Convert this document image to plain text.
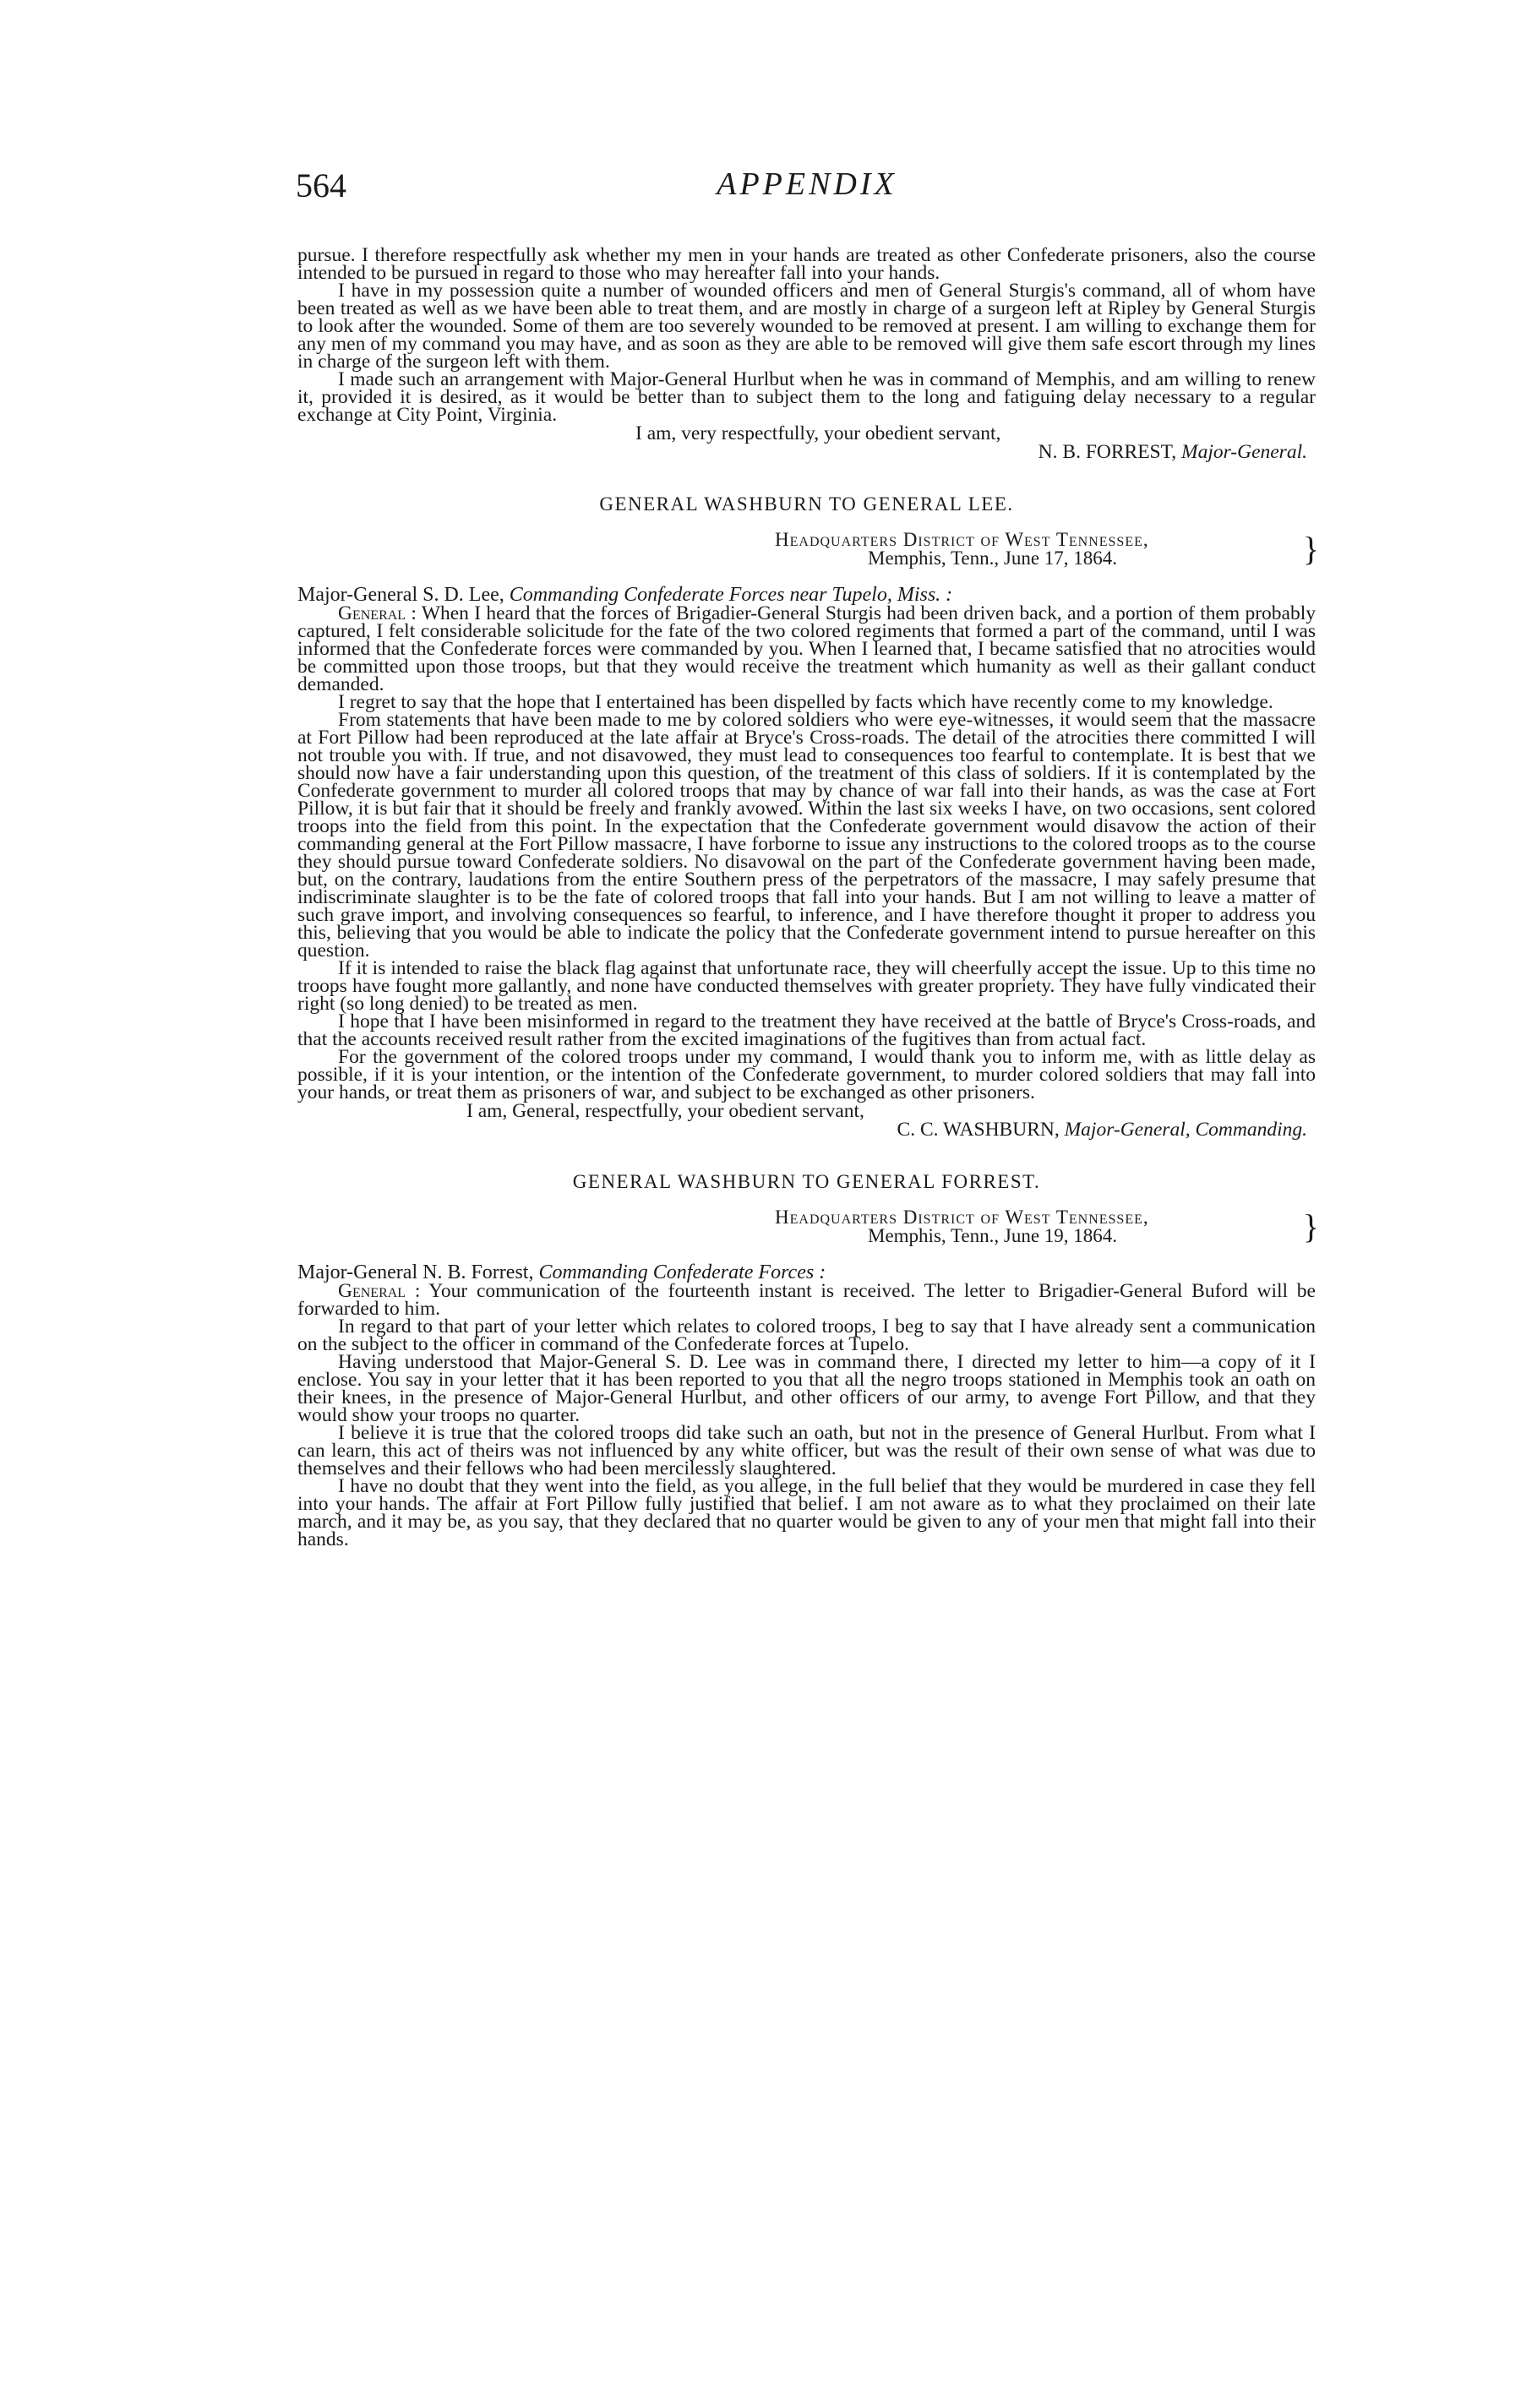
564	APPENDIX

pursue. I therefore respectfully ask whether my men in your hands are treated as other Confederate prisoners, also the course intended to be pursued in regard to those who may hereafter fall into your hands.

I have in my possession quite a number of wounded officers and men of General Sturgis's command, all of whom have been treated as well as we have been able to treat them, and are mostly in charge of a surgeon left at Ripley by General Sturgis to look after the wounded. Some of them are too severely wounded to be removed at present. I am willing to exchange them for any men of my command you may have, and as soon as they are able to be removed will give them safe escort through my lines in charge of the surgeon left with them.

I made such an arrangement with Major-General Hurlbut when he was in command of Memphis, and am willing to renew it, provided it is desired, as it would be better than to subject them to the long and fatiguing delay necessary to a regular exchange at City Point, Virginia.

I am, very respectfully, your obedient servant,

N. B. FORREST, Major-General.

GENERAL WASHBURN TO GENERAL LEE.
Headquarters District of West Tennessee,
Memphis, Tenn., June 17, 1864.	}

Major-General S. D. Lee, Commanding Confederate Forces near Tupelo, Miss. :

General : When I heard that the forces of Brigadier-General Sturgis had been driven back, and a portion of them probably captured, I felt considerable solicitude for the fate of the two colored regiments that formed a part of the command, until I was informed that the Confederate forces were commanded by you. When I learned that, I became satisfied that no atrocities would be committed upon those troops, but that they would receive the treatment which humanity as well as their gallant conduct demanded.

I regret to say that the hope that I entertained has been dispelled by facts which have recently come to my knowledge.

From statements that have been made to me by colored soldiers who were eye-witnesses, it would seem that the massacre at Fort Pillow had been reproduced at the late affair at Bryce's Cross-roads. The detail of the atrocities there committed I will not trouble you with. If true, and not disavowed, they must lead to consequences too fearful to contemplate. It is best that we should now have a fair understanding upon this question, of the treatment of this class of soldiers. If it is contemplated by the Confederate government to murder all colored troops that may by chance of war fall into their hands, as was the case at Fort Pillow, it is but fair that it should be freely and frankly avowed. Within the last six weeks I have, on two occasions, sent colored troops into the field from this point. In the expectation that the Confederate government would disavow the action of their commanding general at the Fort Pillow massacre, I have forborne to issue any instructions to the colored troops as to the course they should pursue toward Confederate soldiers. No disavowal on the part of the Confederate government having been made, but, on the contrary, laudations from the entire Southern press of the perpetrators of the massacre, I may safely presume that indiscriminate slaughter is to be the fate of colored troops that fall into your hands. But I am not willing to leave a matter of such grave import, and involving consequences so fearful, to inference, and I have therefore thought it proper to address you this, believing that you would be able to indicate the policy that the Confederate government intend to pursue hereafter on this question.

If it is intended to raise the black flag against that unfortunate race, they will cheerfully accept the issue. Up to this time no troops have fought more gallantly, and none have conducted themselves with greater propriety. They have fully vindicated their right (so long denied) to be treated as men.

I hope that I have been misinformed in regard to the treatment they have received at the battle of Bryce's Cross-roads, and that the accounts received result rather from the excited imaginations of the fugitives than from actual fact.

For the government of the colored troops under my command, I would thank you to inform me, with as little delay as possible, if it is your intention, or the intention of the Confederate government, to murder colored soldiers that may fall into your hands, or treat them as prisoners of war, and subject to be exchanged as other prisoners.

I am, General, respectfully, your obedient servant,

C. C. WASHBURN, Major-General, Commanding.

GENERAL WASHBURN TO GENERAL FORREST.
Headquarters District of West Tennessee,
Memphis, Tenn., June 19, 1864.	}

Major-General N. B. Forrest, Commanding Confederate Forces :

General : Your communication of the fourteenth instant is received. The letter to Brigadier-General Buford will be forwarded to him.

In regard to that part of your letter which relates to colored troops, I beg to say that I have already sent a communication on the subject to the officer in command of the Confederate forces at Tupelo.

Having understood that Major-General S. D. Lee was in command there, I directed my letter to him—a copy of it I enclose. You say in your letter that it has been reported to you that all the negro troops stationed in Memphis took an oath on their knees, in the presence of Major-General Hurlbut, and other officers of our army, to avenge Fort Pillow, and that they would show your troops no quarter.

I believe it is true that the colored troops did take such an oath, but not in the presence of General Hurlbut. From what I can learn, this act of theirs was not influenced by any white officer, but was the result of their own sense of what was due to themselves and their fellows who had been mercilessly slaughtered.

I have no doubt that they went into the field, as you allege, in the full belief that they would be murdered in case they fell into your hands. The affair at Fort Pillow fully justified that belief. I am not aware as to what they proclaimed on their late march, and it may be, as you say, that they declared that no quarter would be given to any of your men that might fall into their hands.
